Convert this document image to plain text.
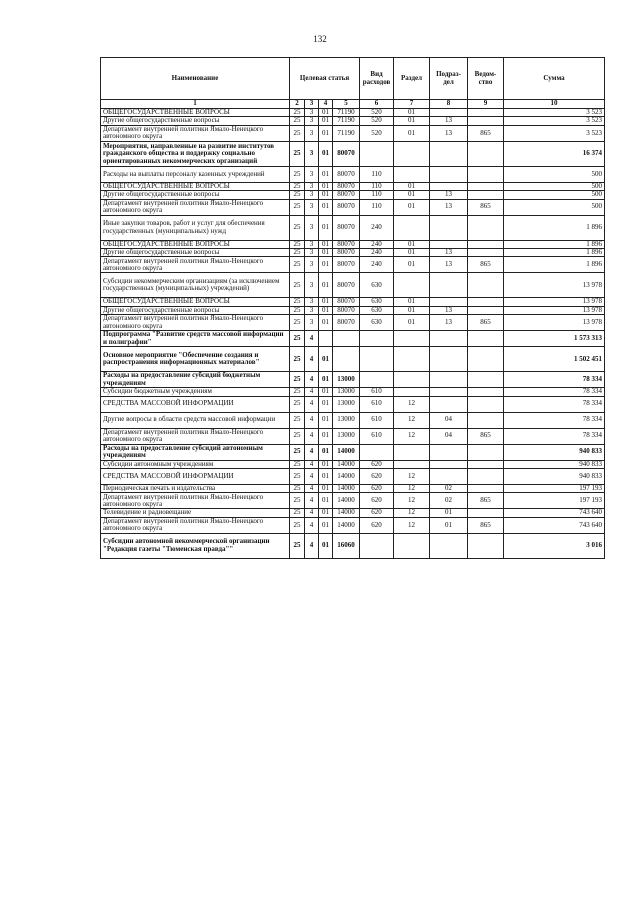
132
Наименование	Целевая статья				Вид расходов	Раздел	Подраз-дел	Ведом-ство	Сумма
1	2	3	4	5	6	7	8	9	10
ОБЩЕГОСУДАРСТВЕННЫЕ ВОПРОСЫ	25	3	01	71190	520	01			3 523
Другие общегосударственные вопросы	25	3	01	71190	520	01	13		3 523
Департамент внутренней политики Ямало-Ненецкого автономного округа	25	3	01	71190	520	01	13	865	3 523
Мероприятия, направленные на развитие институтов гражданского общества и поддержку социально ориентированных некоммерческих организаций	25	3	01	80070					16 374
Расходы на выплаты персоналу казенных учреждений	25	3	01	80070	110				500
ОБЩЕГОСУДАРСТВЕННЫЕ ВОПРОСЫ	25	3	01	80070	110	01			500
Другие общегосударственные вопросы	25	3	01	80070	110	01	13		500
Департамент внутренней политики Ямало-Ненецкого автономного округа	25	3	01	80070	110	01	13	865	500
Иные закупки товаров, работ и услуг для обеспечения государственных (муниципальных) нужд	25	3	01	80070	240				1 896
ОБЩЕГОСУДАРСТВЕННЫЕ ВОПРОСЫ	25	3	01	80070	240	01			1 896
Другие общегосударственные вопросы	25	3	01	80070	240	01	13		1 896
Департамент внутренней политики Ямало-Ненецкого автономного округа	25	3	01	80070	240	01	13	865	1 896
Субсидии некоммерческим организациям (за исключением государственных (муниципальных) учреждений)	25	3	01	80070	630				13 978
ОБЩЕГОСУДАРСТВЕННЫЕ ВОПРОСЫ	25	3	01	80070	630	01			13 978
Другие общегосударственные вопросы	25	3	01	80070	630	01	13		13 978
Департамент внутренней политики Ямало-Ненецкого автономного округа	25	3	01	80070	630	01	13	865	13 978
Подпрограмма "Развитие средств массовой информации и полиграфии"	25	4							1 573 313
Основное мероприятие "Обеспечение создания и распространения информационных материалов"	25	4	01						1 502 451
Расходы на предоставление субсидий бюджетным учреждениям	25	4	01	13000					78 334
Субсидии бюджетным учреждениям	25	4	01	13000	610				78 334
СРЕДСТВА МАССОВОЙ ИНФОРМАЦИИ	25	4	01	13000	610	12			78 334
Другие вопросы в области средств массовой информации	25	4	01	13000	610	12	04		78 334
Департамент внутренней политики Ямало-Ненецкого автономного округа	25	4	01	13000	610	12	04	865	78 334
Расходы на предоставление субсидий автономным учреждениям	25	4	01	14000					940 833
Субсидии автономным учреждениям	25	4	01	14000	620				940 833
СРЕДСТВА МАССОВОЙ ИНФОРМАЦИИ	25	4	01	14000	620	12			940 833
Периодическая печать и издательства	25	4	01	14000	620	12	02		197 193
Департамент внутренней политики Ямало-Ненецкого автономного округа	25	4	01	14000	620	12	02	865	197 193
Телевидение и радиовещание	25	4	01	14000	620	12	01		743 640
Департамент внутренней политики Ямало-Ненецкого автономного округа	25	4	01	14000	620	12	01	865	743 640
Субсидии автономной некоммерческой организации "Редакция газеты "Тюменская правда""	25	4	01	16060					3 016
